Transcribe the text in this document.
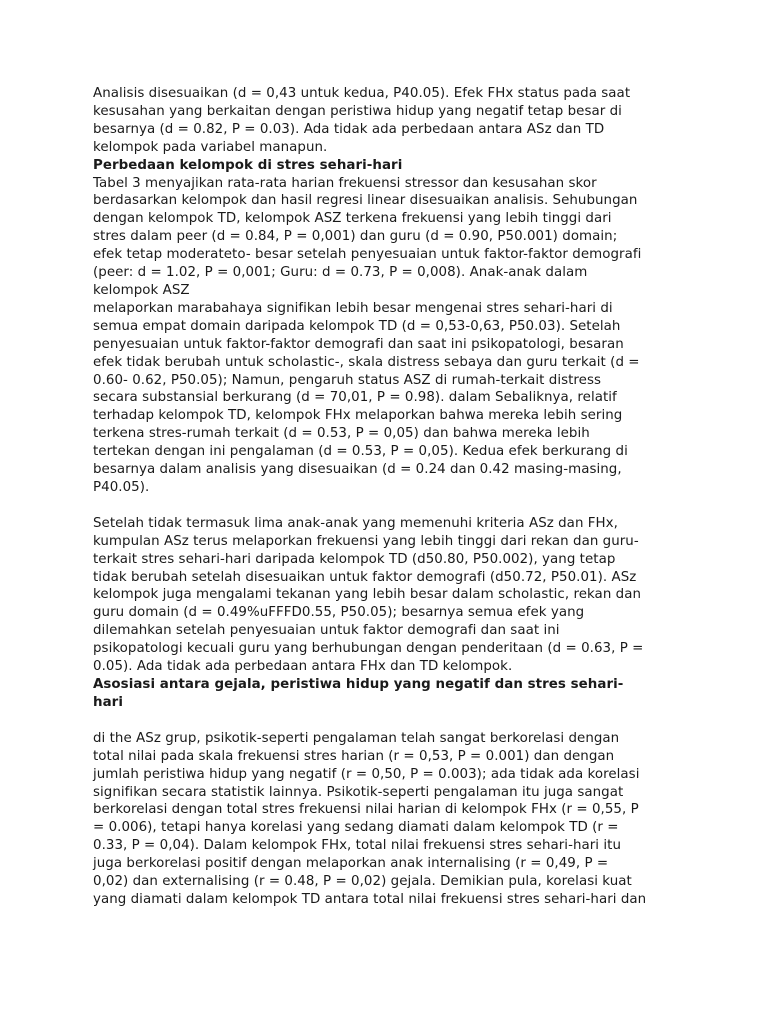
Analisis disesuaikan (d = 0,43 untuk kedua, P40.05). Efek FHx status pada saat
kesusahan yang berkaitan dengan peristiwa hidup yang negatif tetap besar di
besarnya (d = 0.82, P = 0.03). Ada tidak ada perbedaan antara ASz dan TD
kelompok pada variabel manapun.

Perbedaan kelompok di stres sehari-hari

Tabel 3 menyajikan rata-rata harian frekuensi stressor dan kesusahan skor
berdasarkan kelompok dan hasil regresi linear disesuaikan analisis. Sehubungan
dengan kelompok TD, kelompok ASZ terkena frekuensi yang lebih tinggi dari
stres dalam peer (d = 0.84, P = 0,001) dan guru (d = 0.90, P50.001) domain;
efek tetap moderateto- besar setelah penyesuaian untuk faktor-faktor demografi
(peer: d = 1.02, P = 0,001; Guru: d = 0.73, P = 0,008). Anak-anak dalam
kelompok ASZ
melaporkan marabahaya signifikan lebih besar mengenai stres sehari-hari di
semua empat domain daripada kelompok TD (d = 0,53-0,63, P50.03). Setelah
penyesuaian untuk faktor-faktor demografi dan saat ini psikopatologi, besaran
efek tidak berubah untuk scholastic-, skala distress sebaya dan guru terkait (d =
0.60- 0.62, P50.05); Namun, pengaruh status ASZ di rumah-terkait distress
secara substansial berkurang (d = 70,01, P = 0.98). dalam Sebaliknya, relatif
terhadap kelompok TD, kelompok FHx melaporkan bahwa mereka lebih sering
terkena stres-rumah terkait (d = 0.53, P = 0,05) dan bahwa mereka lebih
tertekan dengan ini pengalaman (d = 0.53, P = 0,05). Kedua efek berkurang di
besarnya dalam analisis yang disesuaikan (d = 0.24 dan 0.42 masing-masing,
P40.05).

Setelah tidak termasuk lima anak-anak yang memenuhi kriteria ASz dan FHx,
kumpulan ASz terus melaporkan frekuensi yang lebih tinggi dari rekan dan guru-
terkait stres sehari-hari daripada kelompok TD (d50.80, P50.002), yang tetap
tidak berubah setelah disesuaikan untuk faktor demografi (d50.72, P50.01). ASz
kelompok juga mengalami tekanan yang lebih besar dalam scholastic, rekan dan
guru domain (d = 0.49%uFFFD0.55, P50.05); besarnya semua efek yang
dilemahkan setelah penyesuaian untuk faktor demografi dan saat ini
psikopatologi kecuali guru yang berhubungan dengan penderitaan (d = 0.63, P =
0.05). Ada tidak ada perbedaan antara FHx dan TD kelompok.

Asosiasi antara gejala, peristiwa hidup yang negatif dan stres sehari-
hari

di the ASz grup, psikotik-seperti pengalaman telah sangat berkorelasi dengan
total nilai pada skala frekuensi stres harian (r = 0,53, P = 0.001) dan dengan
jumlah peristiwa hidup yang negatif (r = 0,50, P = 0.003); ada tidak ada korelasi
signifikan secara statistik lainnya. Psikotik-seperti pengalaman itu juga sangat
berkorelasi dengan total stres frekuensi nilai harian di kelompok FHx (r = 0,55, P
= 0.006), tetapi hanya korelasi yang sedang diamati dalam kelompok TD (r =
0.33, P = 0,04). Dalam kelompok FHx, total nilai frekuensi stres sehari-hari itu
juga berkorelasi positif dengan melaporkan anak internalising (r = 0,49, P =
0,02) dan externalising (r = 0.48, P = 0,02) gejala. Demikian pula, korelasi kuat
yang diamati dalam kelompok TD antara total nilai frekuensi stres sehari-hari dan
